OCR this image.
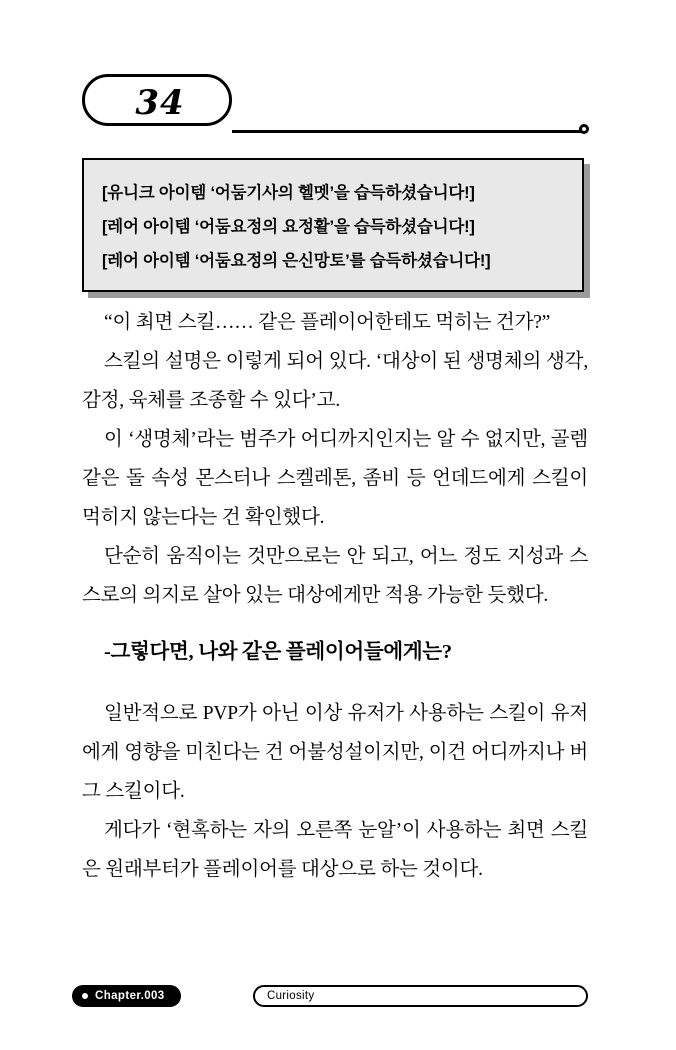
34
[유니크 아이템 ‘어둠기사의 헬멧’을 습득하셨습니다!]
[레어 아이템 ‘어둠요정의 요정활’을 습득하셨습니다!]
[레어 아이템 ‘어둠요정의 은신망토’를 습득하셨습니다!]

“이 최면 스킬…… 같은 플레이어한테도 먹히는 건가?”

스킬의 설명은 이렇게 되어 있다. ‘대상이 된 생명체의 생각, 감정, 육체를 조종할 수 있다’고.

이 ‘생명체’라는 범주가 어디까지인지는 알 수 없지만, 골렘 같은 돌 속성 몬스터나 스켈레톤, 좀비 등 언데드에게 스킬이 먹히지 않는다는 건 확인했다.

단순히 움직이는 것만으로는 안 되고, 어느 정도 지성과 스스로의 의지로 살아 있는 대상에게만 적용 가능한 듯했다.

-그렇다면, 나와 같은 플레이어들에게는?

일반적으로 PVP가 아닌 이상 유저가 사용하는 스킬이 유저에게 영향을 미친다는 건 어불성설이지만, 이건 어디까지나 버그 스킬이다.

게다가 ‘현혹하는 자의 오른쪽 눈알’이 사용하는 최면 스킬은 원래부터가 플레이어를 대상으로 하는 것이다.

Chapter.003	Curiosity
